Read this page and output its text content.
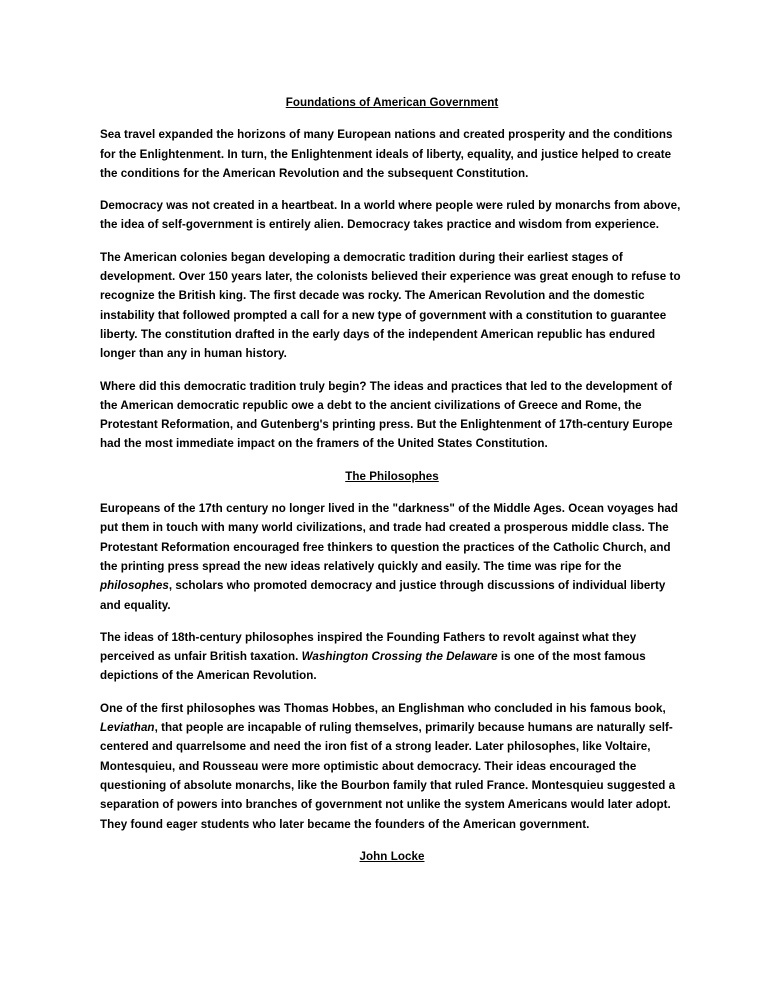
Foundations of American Government

Sea travel expanded the horizons of many European nations and created prosperity and the conditions for the Enlightenment. In turn, the Enlightenment ideals of liberty, equality, and justice helped to create the conditions for the American Revolution and the subsequent Constitution.

Democracy was not created in a heartbeat. In a world where people were ruled by monarchs from above, the idea of self-government is entirely alien. Democracy takes practice and wisdom from experience.

The American colonies began developing a democratic tradition during their earliest stages of development. Over 150 years later, the colonists believed their experience was great enough to refuse to recognize the British king. The first decade was rocky. The American Revolution and the domestic instability that followed prompted a call for a new type of government with a constitution to guarantee liberty. The constitution drafted in the early days of the independent American republic has endured longer than any in human history.

Where did this democratic tradition truly begin? The ideas and practices that led to the development of the American democratic republic owe a debt to the ancient civilizations of Greece and Rome, the Protestant Reformation, and Gutenberg's printing press. But the Enlightenment of 17th-century Europe had the most immediate impact on the framers of the United States Constitution.

The Philosophes

Europeans of the 17th century no longer lived in the "darkness" of the Middle Ages. Ocean voyages had put them in touch with many world civilizations, and trade had created a prosperous middle class. The Protestant Reformation encouraged free thinkers to question the practices of the Catholic Church, and the printing press spread the new ideas relatively quickly and easily. The time was ripe for the philosophes, scholars who promoted democracy and justice through discussions of individual liberty and equality.

The ideas of 18th-century philosophes inspired the Founding Fathers to revolt against what they perceived as unfair British taxation. Washington Crossing the Delaware is one of the most famous depictions of the American Revolution.

One of the first philosophes was Thomas Hobbes, an Englishman who concluded in his famous book, Leviathan, that people are incapable of ruling themselves, primarily because humans are naturally self-centered and quarrelsome and need the iron fist of a strong leader. Later philosophes, like Voltaire, Montesquieu, and Rousseau were more optimistic about democracy. Their ideas encouraged the questioning of absolute monarchs, like the Bourbon family that ruled France. Montesquieu suggested a separation of powers into branches of government not unlike the system Americans would later adopt. They found eager students who later became the founders of the American government.

John Locke
